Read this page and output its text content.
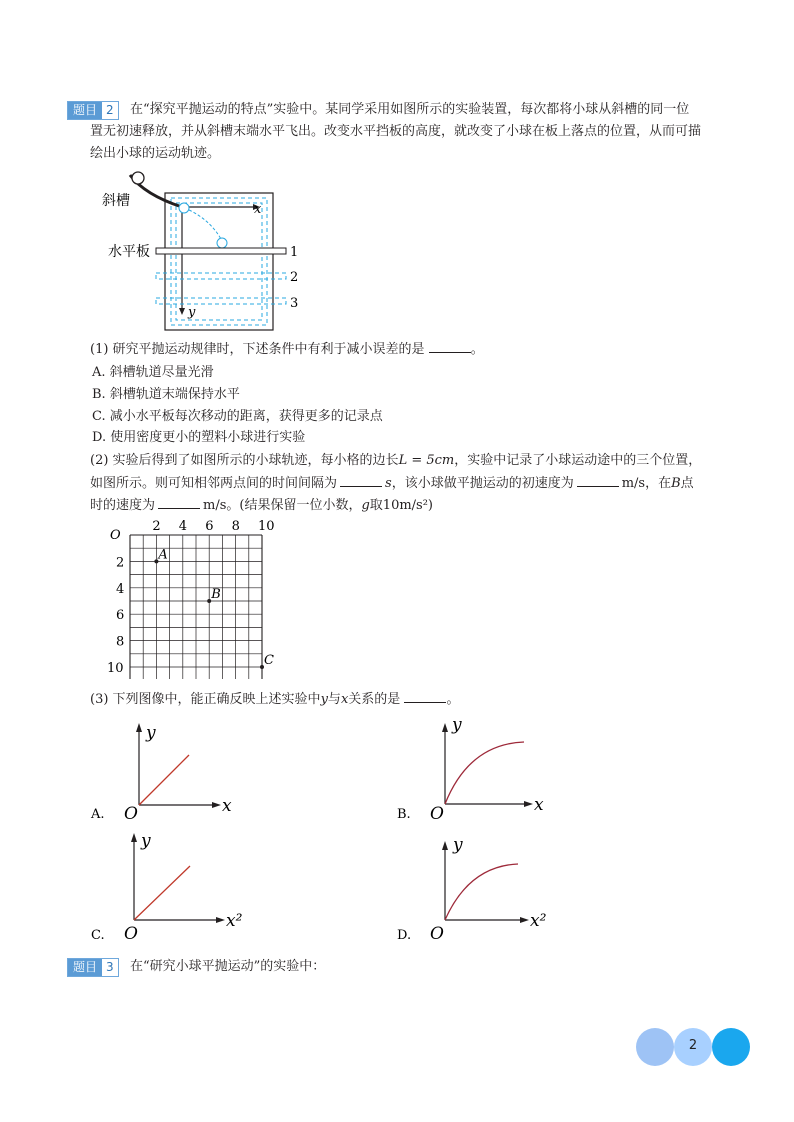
题目 2	在“探究平抛运动的特点”实验中。某同学采用如图所示的实验装置，每次都将小球从斜槽的同一位
置无初速释放，并从斜槽末端水平飞出。改变水平挡板的高度，就改变了小球在板上落点的位置，从而可描
绘出小球的运动轨迹。
斜槽
水平板
x
y
1
2
3
(1) 研究平抛运动规律时，下述条件中有利于减小误差的是	。
A. 斜槽轨道尽量光滑
B. 斜槽轨道末端保持水平
C. 减小水平板每次移动的距离，获得更多的记录点
D. 使用密度更小的塑料小球进行实验
(2) 实验后得到了如图所示的小球轨迹，每小格的边长L = 5cm，实验中记录了小球运动途中的三个位置，
如图所示。则可知相邻两点间的时间间隔为	s，该小球做平抛运动的初速度为	m/s，在B点
时的速度为	m/s。(结果保留一位小数，g取10m/s²)
O
2 4 6 8 10
2
4
6
8
10
A
B
C
(3) 下列图像中，能正确反映上述实验中y与x关系的是	。
A. O	x
y
B. O	x
y
C. O
x²
y
D. O
x²
y
题目 3	在“研究小球平抛运动”的实验中：
2
